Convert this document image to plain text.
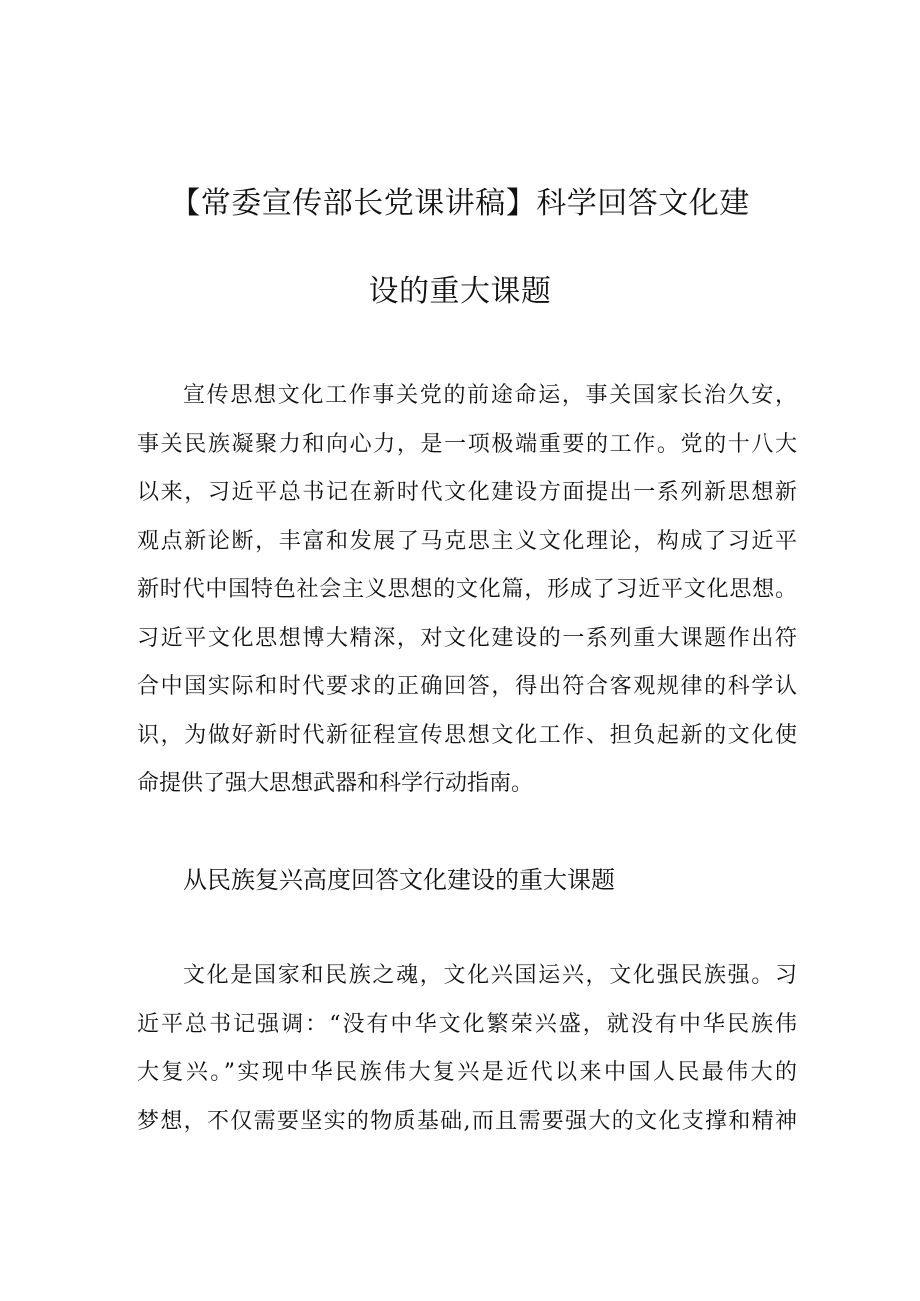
【常委宣传部长党课讲稿】科学回答文化建
设的重大课题
宣传思想文化工作事关党的前途命运，事关国家长治久安，
事关民族凝聚力和向心力，是一项极端重要的工作。党的十八大
以来，习近平总书记在新时代文化建设方面提出一系列新思想新
观点新论断，丰富和发展了马克思主义文化理论，构成了习近平
新时代中国特色社会主义思想的文化篇，形成了习近平文化思想。
习近平文化思想博大精深，对文化建设的一系列重大课题作出符
合中国实际和时代要求的正确回答，得出符合客观规律的科学认
识，为做好新时代新征程宣传思想文化工作、担负起新的文化使
命提供了强大思想武器和科学行动指南。
从民族复兴高度回答文化建设的重大课题
文化是国家和民族之魂，文化兴国运兴，文化强民族强。习
近平总书记强调：“没有中华文化繁荣兴盛，就没有中华民族伟
大复兴。”实现中华民族伟大复兴是近代以来中国人民最伟大的
梦想，不仅需要坚实的物质基础,而且需要强大的文化支撑和精神
